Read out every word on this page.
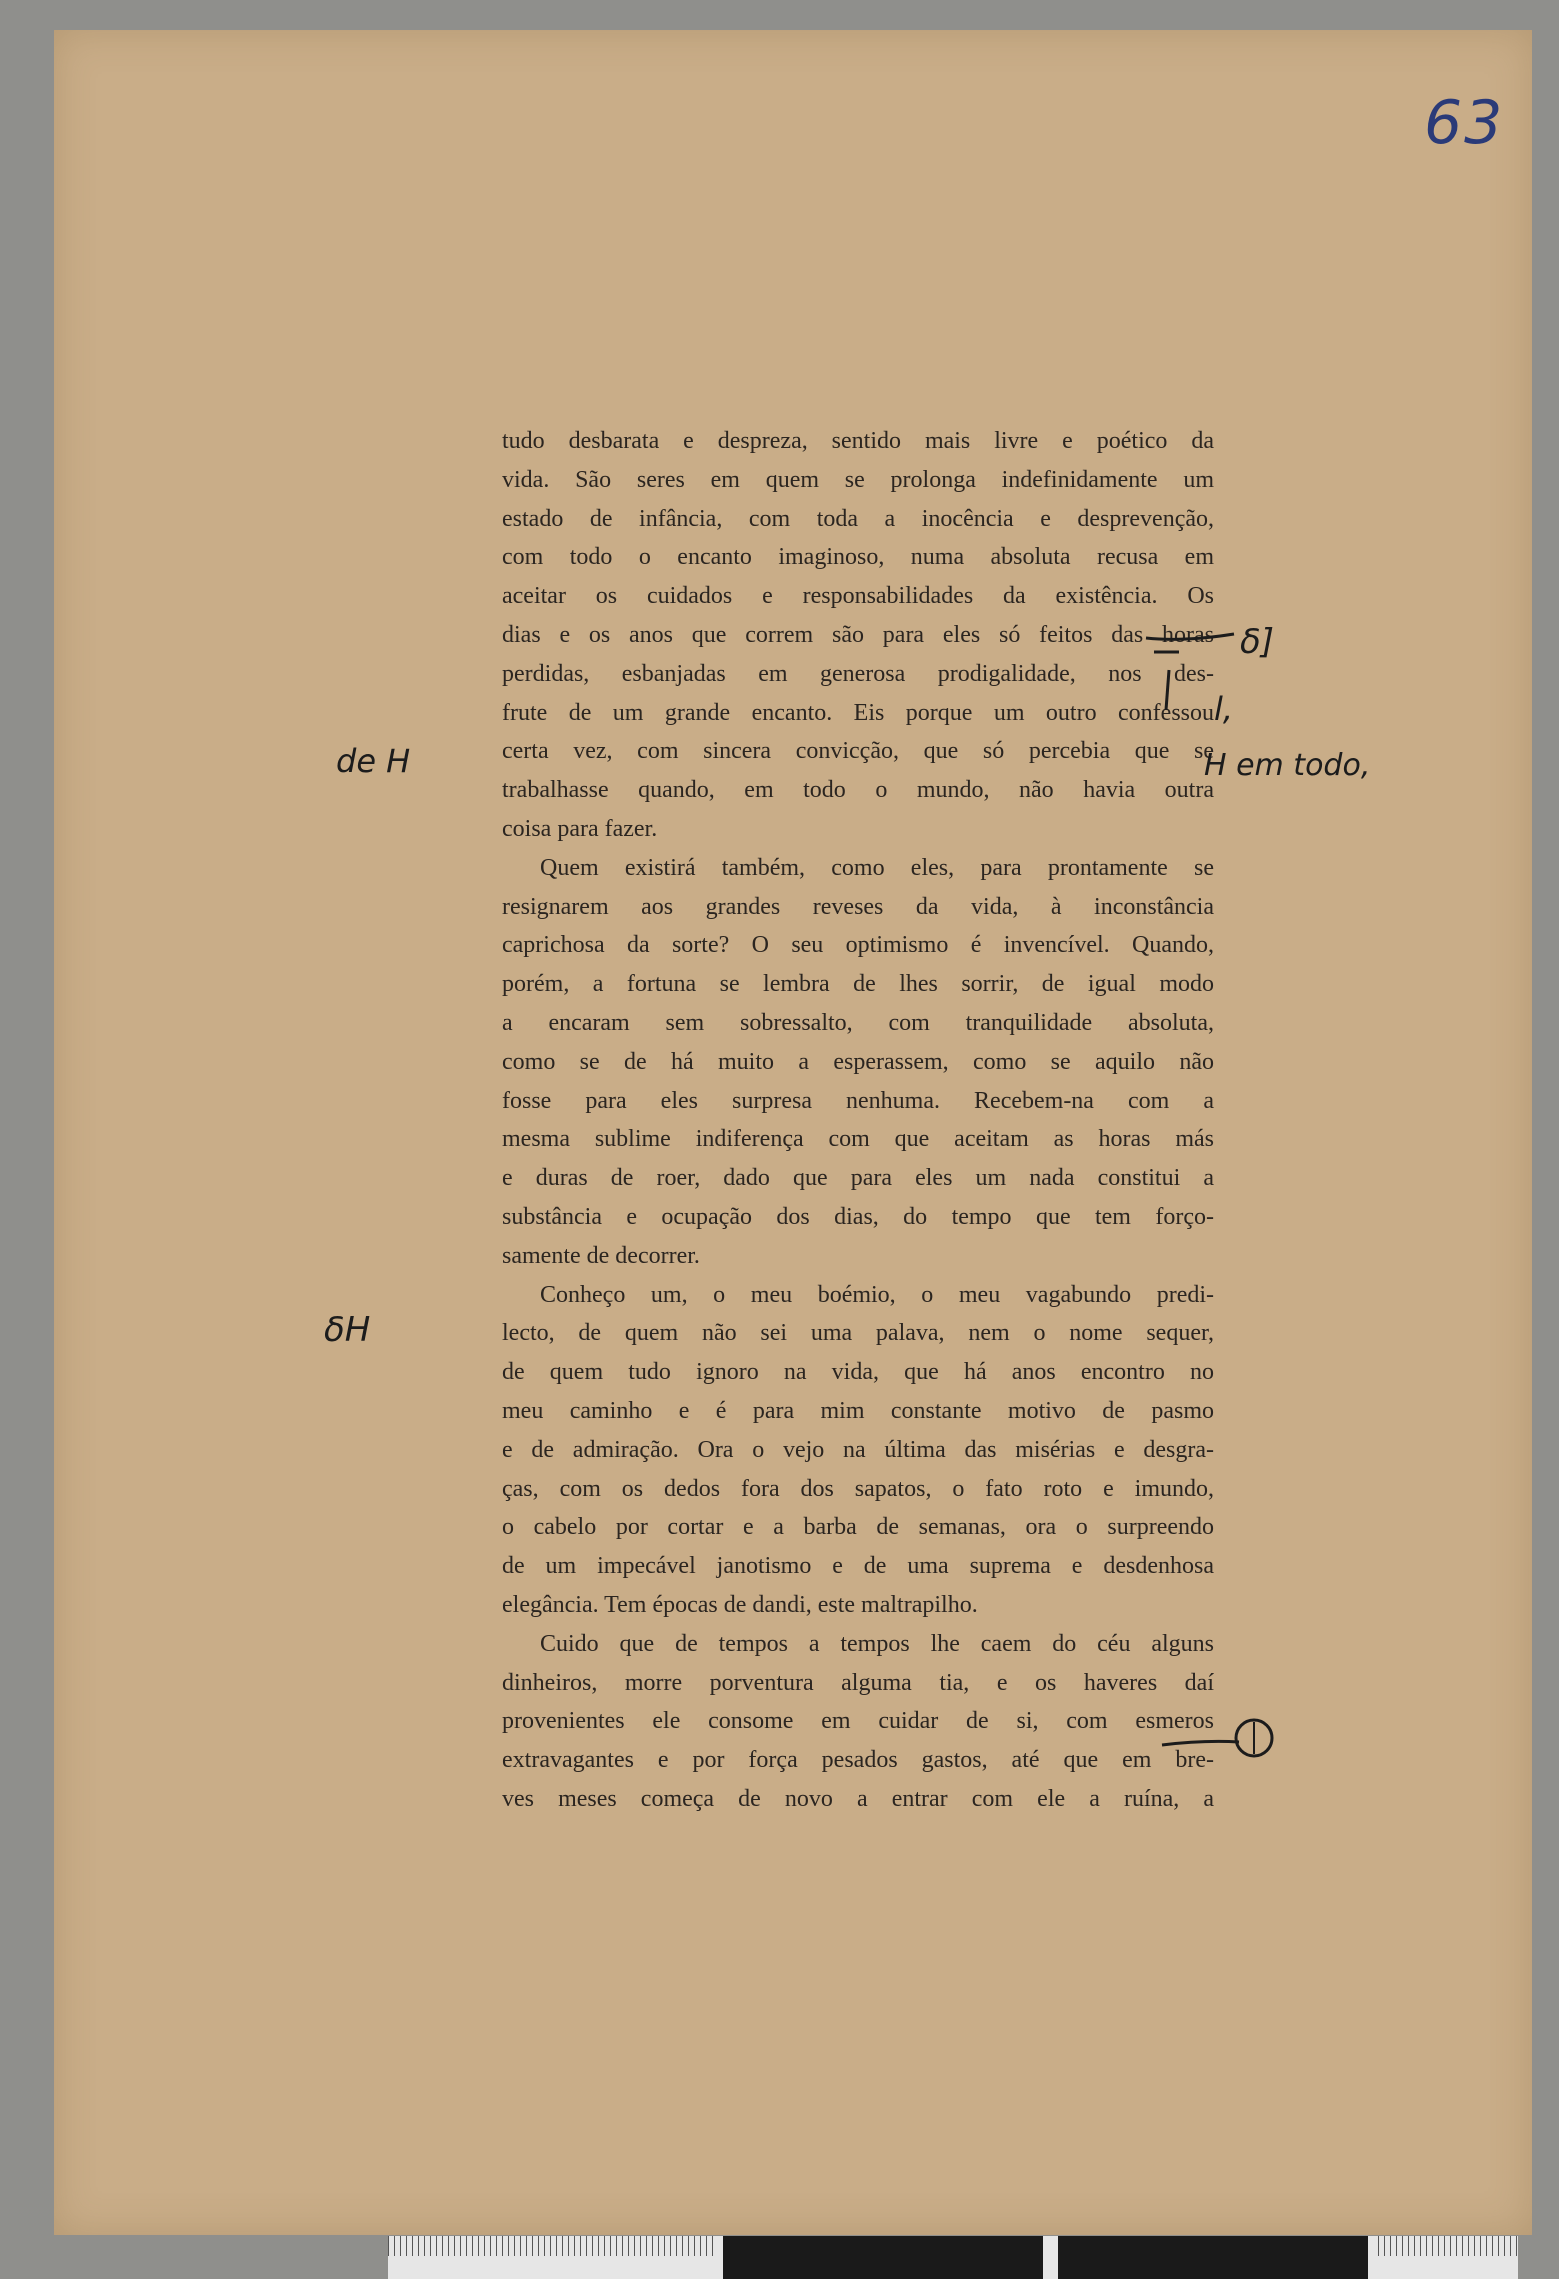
63
tudo desbarata e despreza, sentido mais livre e poético da
vida. São seres em quem se prolonga indefinidamente um
estado de infância, com toda a inocência e desprevenção,
com todo o encanto imaginoso, numa absoluta recusa em
aceitar os cuidados e responsabilidades da existência. Os
dias e os anos que correm são para eles só feitos das horas
perdidas, esbanjadas em generosa prodigalidade, nos des-
frute de um grande encanto. Eis porque um outro confessou
certa vez, com sincera convicção, que só percebia que se
trabalhasse quando, em todo o mundo, não havia outra
coisa para fazer.
Quem existirá também, como eles, para prontamente se
resignarem aos grandes reveses da vida, à inconstância
caprichosa da sorte? O seu optimismo é invencível. Quando,
porém, a fortuna se lembra de lhes sorrir, de igual modo
a encaram sem sobressalto, com tranquilidade absoluta,
como se de há muito a esperassem, como se aquilo não
fosse para eles surpresa nenhuma. Recebem-na com a
mesma sublime indiferença com que aceitam as horas más
e duras de roer, dado que para eles um nada constitui a
substância e ocupação dos dias, do tempo que tem forço-
samente de decorrer.
Conheço um, o meu boémio, o meu vagabundo predi-
lecto, de quem não sei uma palava, nem o nome sequer,
de quem tudo ignoro na vida, que há anos encontro no
meu caminho e é para mim constante motivo de pasmo
e de admiração. Ora o vejo na última das misérias e desgra-
ças, com os dedos fora dos sapatos, o fato roto e imundo,
o cabelo por cortar e a barba de semanas, ora o surpreendo
de um impecável janotismo e de uma suprema e desdenhosa
elegância. Tem épocas de dandi, este maltrapilho.
Cuido que de tempos a tempos lhe caem do céu alguns
dinheiros, morre porventura alguma tia, e os haveres daí
provenientes ele consome em cuidar de si, com esmeros
extravagantes e por força pesados gastos, até que em bre-
ves meses começa de novo a entrar com ele a ruína, a
de H
δH
δ]
l,
H em todo,
